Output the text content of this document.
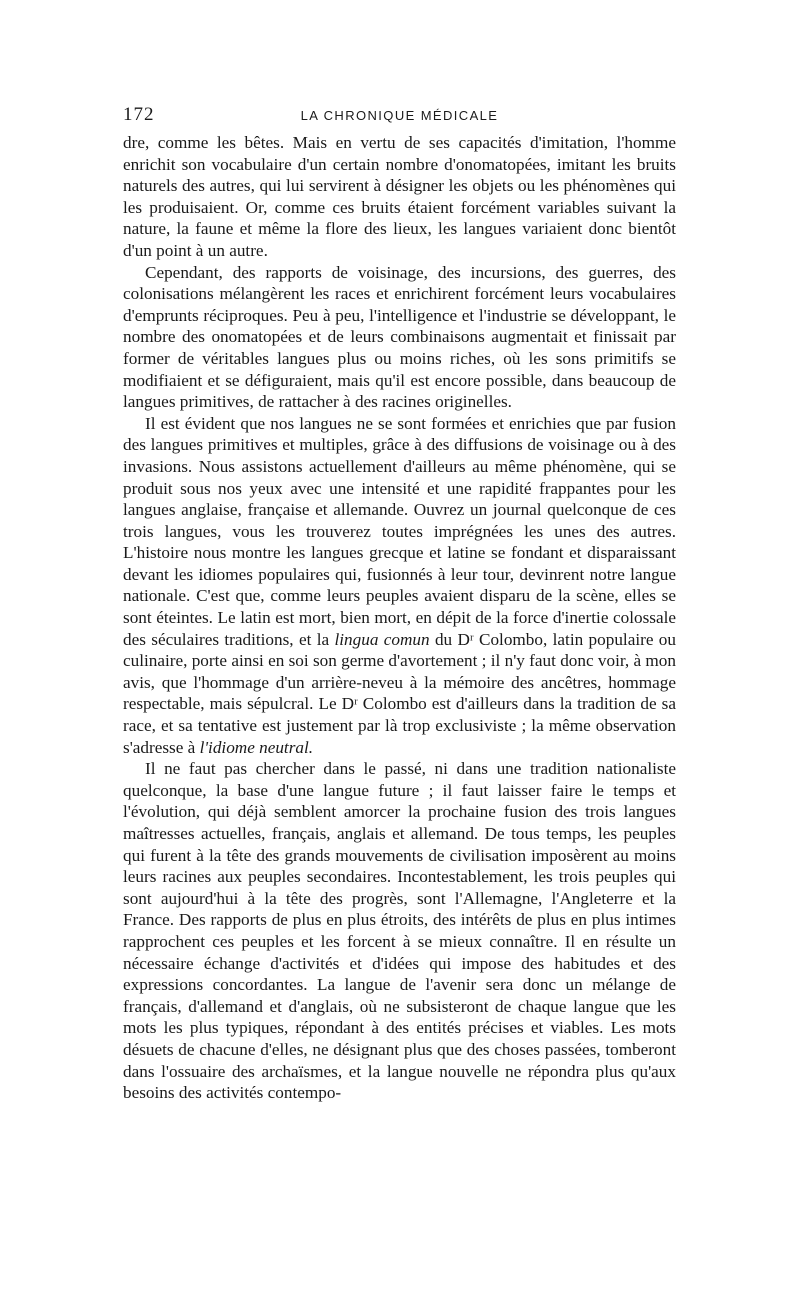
172	LA CHRONIQUE MÉDICALE

dre, comme les bêtes. Mais en vertu de ses capacités d'imitation, l'homme enrichit son vocabulaire d'un certain nombre d'onomatopées, imitant les bruits naturels des autres, qui lui servirent à désigner les objets ou les phénomènes qui les produisaient. Or, comme ces bruits étaient forcément variables suivant la nature, la faune et même la flore des lieux, les langues variaient donc bientôt d'un point à un autre.

Cependant, des rapports de voisinage, des incursions, des guerres, des colonisations mélangèrent les races et enrichirent forcément leurs vocabulaires d'emprunts réciproques. Peu à peu, l'intelligence et l'industrie se développant, le nombre des onomatopées et de leurs combinaisons augmentait et finissait par former de véritables langues plus ou moins riches, où les sons primitifs se modifiaient et se défiguraient, mais qu'il est encore possible, dans beaucoup de langues primitives, de rattacher à des racines originelles.

Il est évident que nos langues ne se sont formées et enrichies que par fusion des langues primitives et multiples, grâce à des diffusions de voisinage ou à des invasions. Nous assistons actuellement d'ailleurs au même phénomène, qui se produit sous nos yeux avec une intensité et une rapidité frappantes pour les langues anglaise, française et allemande. Ouvrez un journal quelconque de ces trois langues, vous les trouverez toutes imprégnées les unes des autres. L'histoire nous montre les langues grecque et latine se fondant et disparaissant devant les idiomes populaires qui, fusionnés à leur tour, devinrent notre langue nationale. C'est que, comme leurs peuples avaient disparu de la scène, elles se sont éteintes. Le latin est mort, bien mort, en dépit de la force d'inertie colossale des séculaires traditions, et la lingua comun du Dʳ Colombo, latin populaire ou culinaire, porte ainsi en soi son germe d'avortement ; il n'y faut donc voir, à mon avis, que l'hommage d'un arrière-neveu à la mémoire des ancêtres, hommage respectable, mais sépulcral. Le Dʳ Colombo est d'ailleurs dans la tradition de sa race, et sa tentative est justement par là trop exclusiviste ; la même observation s'adresse à l'idiome neutral.

Il ne faut pas chercher dans le passé, ni dans une tradition nationaliste quelconque, la base d'une langue future ; il faut laisser faire le temps et l'évolution, qui déjà semblent amorcer la prochaine fusion des trois langues maîtresses actuelles, français, anglais et allemand. De tous temps, les peuples qui furent à la tête des grands mouvements de civilisation imposèrent au moins leurs racines aux peuples secondaires. Incontestablement, les trois peuples qui sont aujourd'hui à la tête des progrès, sont l'Allemagne, l'Angleterre et la France. Des rapports de plus en plus étroits, des intérêts de plus en plus intimes rapprochent ces peuples et les forcent à se mieux connaître. Il en résulte un nécessaire échange d'activités et d'idées qui impose des habitudes et des expressions concordantes. La langue de l'avenir sera donc un mélange de français, d'allemand et d'anglais, où ne subsisteront de chaque langue que les mots les plus typiques, répondant à des entités précises et viables. Les mots désuets de chacune d'elles, ne désignant plus que des choses passées, tomberont dans l'ossuaire des archaïsmes, et la langue nouvelle ne répondra plus qu'aux besoins des activités contempo-
